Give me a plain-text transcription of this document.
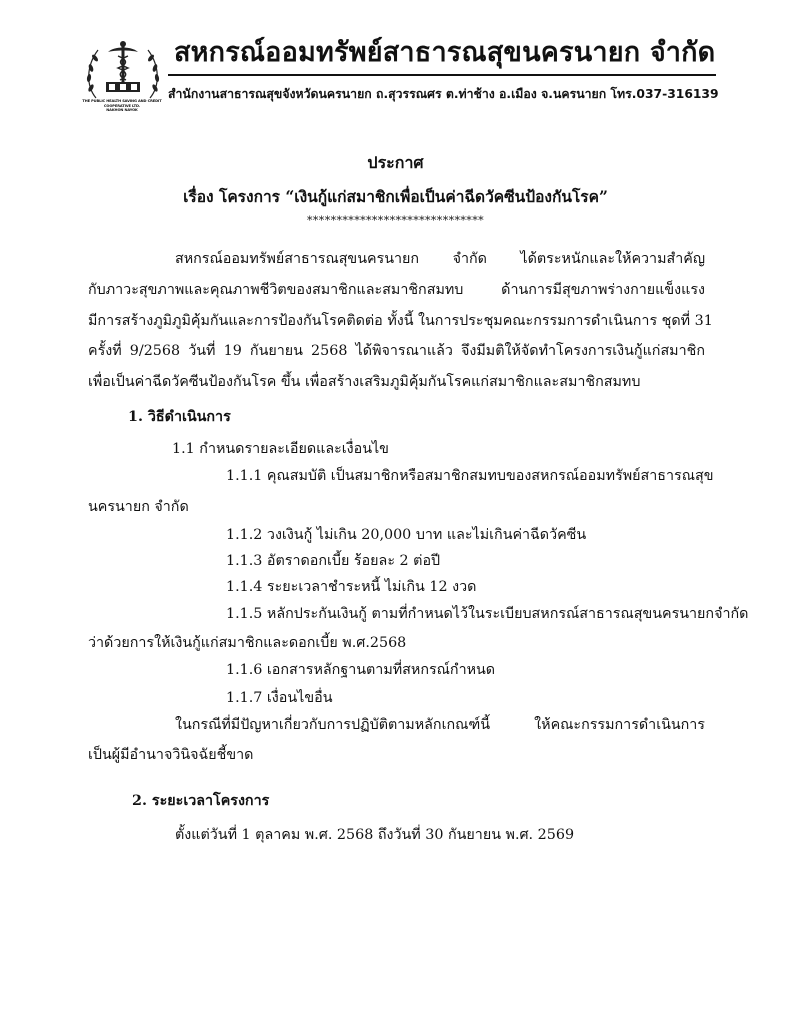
THE PUBLIC HEALTH SAVING AND CREDIT COOPERATIVE LTD.
NAKHON NAYOK
สหกรณ์ออมทรัพย์สาธารณสุขนครนายก จำกัด
สำนักงานสาธารณสุขจังหวัดนครนายก ถ.สุวรรณศร ต.ท่าช้าง อ.เมือง จ.นครนายก โทร.037-316139
ประกาศ
เรื่อง โครงการ “เงินกู้แก่สมาชิกเพื่อเป็นค่าฉีดวัคซีนป้องกันโรค”
******************************
สหกรณ์ออมทรัพย์สาธารณสุขนครนายก จำกัด ได้ตระหนักและให้ความสำคัญ
กับภาวะสุขภาพและคุณภาพชีวิตของสมาชิกและสมาชิกสมทบ ด้านการมีสุขภาพร่างกายแข็งแรง
มีการสร้างภูมิภูมิคุ้มกันและการป้องกันโรคติดต่อ ทั้งนี้ ในการประชุมคณะกรรมการดำเนินการ ชุดที่ 31
ครั้งที่ 9/2568 วันที่ 19 กันยายน 2568 ได้พิจารณาแล้ว จึงมีมติให้จัดทำโครงการเงินกู้แก่สมาชิก
เพื่อเป็นค่าฉีดวัคซีนป้องกันโรค ขึ้น เพื่อสร้างเสริมภูมิคุ้มกันโรคแก่สมาชิกและสมาชิกสมทบ
1. วิธีดำเนินการ
1.1 กำหนดรายละเอียดและเงื่อนไข
1.1.1 คุณสมบัติ เป็นสมาชิกหรือสมาชิกสมทบของสหกรณ์ออมทรัพย์สาธารณสุข
นครนายก จำกัด
1.1.2 วงเงินกู้ ไม่เกิน 20,000 บาท และไม่เกินค่าฉีดวัคซีน
1.1.3 อัตราดอกเบี้ย ร้อยละ 2 ต่อปี
1.1.4 ระยะเวลาชำระหนี้ ไม่เกิน 12 งวด
1.1.5 หลักประกันเงินกู้ ตามที่กำหนดไว้ในระเบียบสหกรณ์สาธารณสุขนครนายกจำกัด
ว่าด้วยการให้เงินกู้แก่สมาชิกและดอกเบี้ย พ.ศ.2568
1.1.6 เอกสารหลักฐานตามที่สหกรณ์กำหนด
1.1.7 เงื่อนไขอื่น
ในกรณีที่มีปัญหาเกี่ยวกับการปฏิบัติตามหลักเกณฑ์นี้ ให้คณะกรรมการดำเนินการ
เป็นผู้มีอำนาจวินิจฉัยชี้ขาด
2. ระยะเวลาโครงการ
ตั้งแต่วันที่ 1 ตุลาคม พ.ศ. 2568 ถึงวันที่ 30 กันยายน พ.ศ. 2569
